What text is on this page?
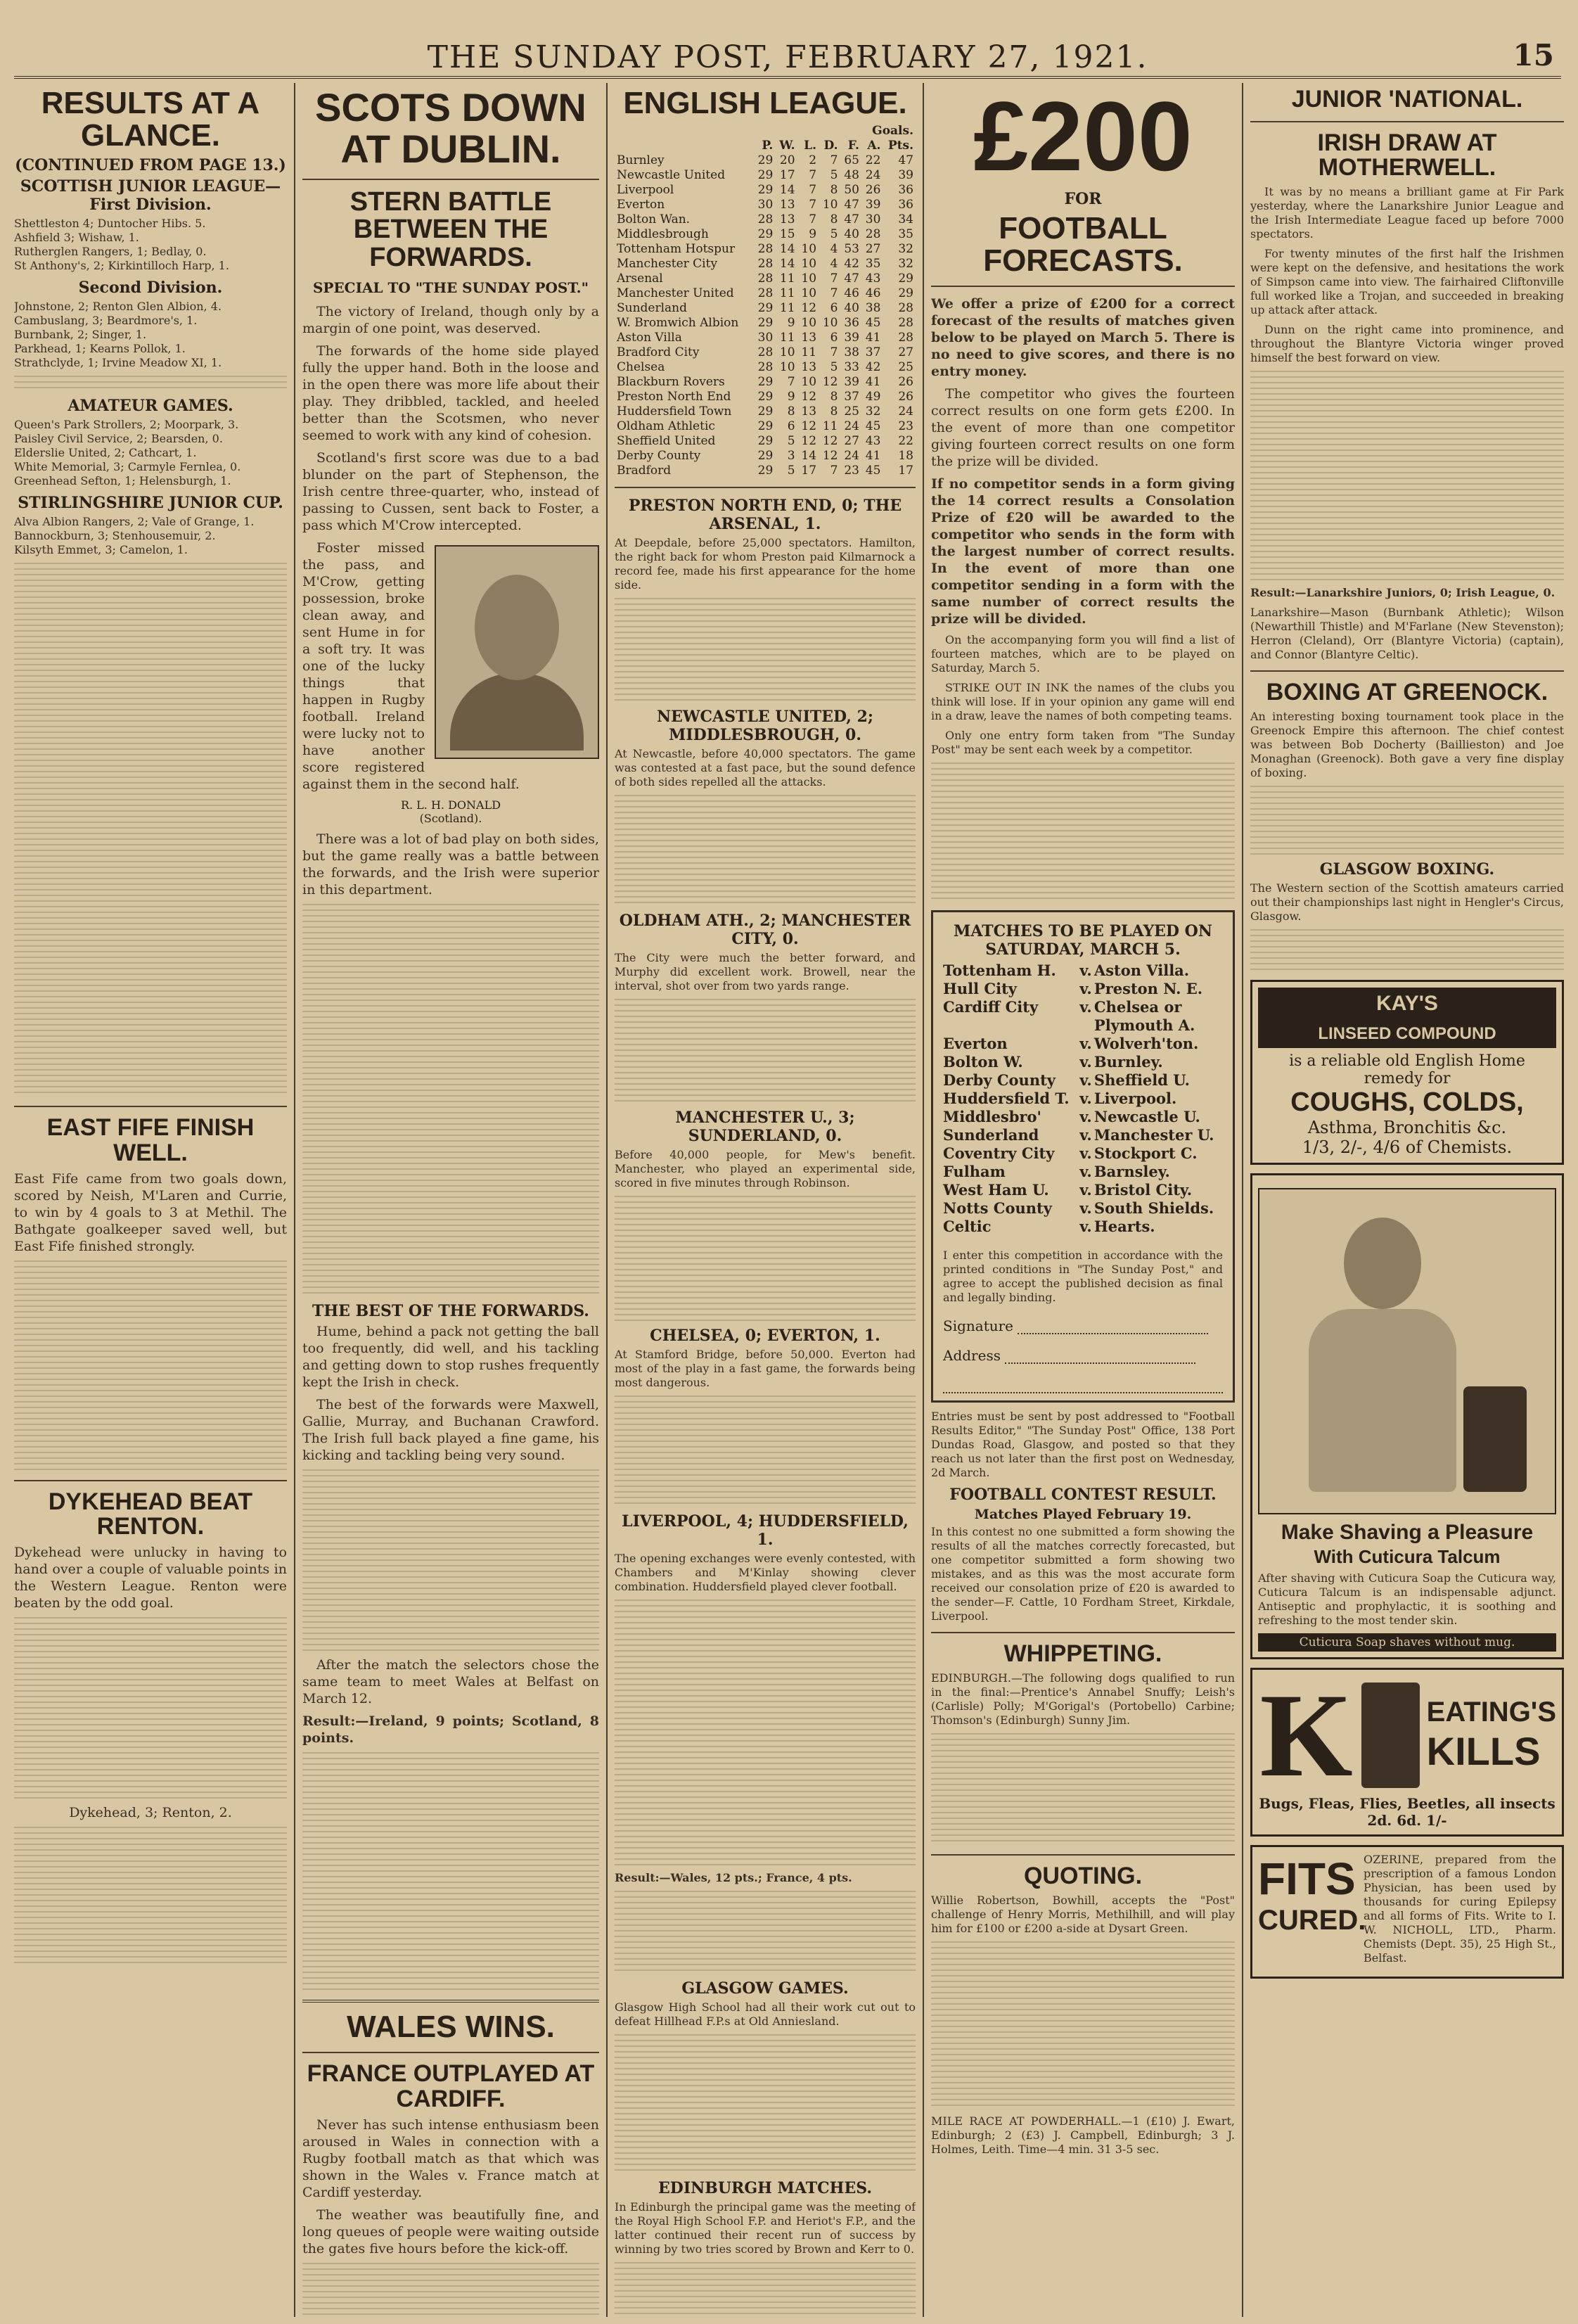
THE SUNDAY POST, FEBRUARY 27, 1921.	15
RESULTS AT A GLANCE.
(CONTINUED FROM PAGE 13.)
SCOTTISH JUNIOR LEAGUE—First Division.
Shettleston 4; Duntocher Hibs. 5.
Ashfield 3; Wishaw, 1.
Rutherglen Rangers, 1; Bedlay, 0.
St Anthony's, 2; Kirkintilloch Harp, 1.
Second Division.
Johnstone, 2; Renton Glen Albion, 4.
Cambuslang, 3; Beardmore's, 1.
Burnbank, 2; Singer, 1.
Parkhead, 1; Kearns Pollok, 1.
Strathclyde, 1; Irvine Meadow XI, 1.
AMATEUR GAMES.
Queen's Park Strollers, 2; Moorpark, 3.
Paisley Civil Service, 2; Bearsden, 0.
Elderslie United, 2; Cathcart, 1.
White Memorial, 3; Carmyle Fernlea, 0.
Greenhead Sefton, 1; Helensburgh, 1.
STIRLINGSHIRE JUNIOR CUP.
Alva Albion Rangers, 2; Vale of Grange, 1.
Bannockburn, 3; Stenhousemuir, 2.
Kilsyth Emmet, 3; Camelon, 1.
EAST FIFE FINISH WELL.
East Fife came from two goals down, scored by Neish, M'Laren and Currie, to win by 4 goals to 3 at Methil. The Bathgate goalkeeper saved well, but East Fife finished strongly.
DYKEHEAD BEAT RENTON.
Dykehead were unlucky in having to hand over a couple of valuable points in the Western League. Renton were beaten by the odd goal.
Dykehead, 3; Renton, 2.
SCOTS DOWN AT DUBLIN.
STERN BATTLE BETWEEN THE FORWARDS.
SPECIAL TO "THE SUNDAY POST."

The victory of Ireland, though only by a margin of one point, was deserved.

The forwards of the home side played fully the upper hand. Both in the loose and in the open there was more life about their play. They dribbled, tackled, and heeled better than the Scotsmen, who never seemed to work with any kind of cohesion.

Scotland's first score was due to a bad blunder on the part of Stephenson, the Irish centre three-quarter, who, instead of passing to Cussen, sent back to Foster, a pass which M'Crow intercepted.

Foster missed the pass, and M'Crow, getting possession, broke clean away, and sent Hume in for a soft try. It was one of the lucky things that happen in Rugby football. Ireland were lucky not to have another score registered against them in the second half.

R. L. H. DONALD
(Scotland).

There was a lot of bad play on both sides, but the game really was a battle between the forwards, and the Irish were superior in this department.

THE BEST OF THE FORWARDS.

Hume, behind a pack not getting the ball too frequently, did well, and his tackling and getting down to stop rushes frequently kept the Irish in check.

The best of the forwards were Maxwell, Gallie, Murray, and Buchanan Crawford. The Irish full back played a fine game, his kicking and tackling being very sound.

After the match the selectors chose the same team to meet Wales at Belfast on March 12.

Result:—Ireland, 9 points; Scotland, 8 points.
WALES WINS.
FRANCE OUTPLAYED AT CARDIFF.

Never has such intense enthusiasm been aroused in Wales in connection with a Rugby football match as that which was shown in the Wales v. France match at Cardiff yesterday.

The weather was beautifully fine, and long queues of people were waiting outside the gates five hours before the kick-off.

ENGLISH LEAGUE.
	Goals.						
	P.	W.	L.	D.	F.	A.	Pts.
Burnley	29	20	2	7	65	22	47
Newcastle United	29	17	7	5	48	24	39
Liverpool	29	14	7	8	50	26	36
Everton	30	13	7	10	47	39	36
Bolton Wan.	28	13	7	8	47	30	34
Middlesbrough	29	15	9	5	40	28	35
Tottenham Hotspur	28	14	10	4	53	27	32
Manchester City	28	14	10	4	42	35	32
Arsenal	28	11	10	7	47	43	29
Manchester United	28	11	10	7	46	46	29
Sunderland	29	11	12	6	40	38	28
W. Bromwich Albion	29	9	10	10	36	45	28
Aston Villa	30	11	13	6	39	41	28
Bradford City	28	10	11	7	38	37	27
Chelsea	28	10	13	5	33	42	25
Blackburn Rovers	29	7	10	12	39	41	26
Preston North End	29	9	12	8	37	49	26
Huddersfield Town	29	8	13	8	25	32	24
Oldham Athletic	29	6	12	11	24	45	23
Sheffield United	29	5	12	12	27	43	22
Derby County	29	3	14	12	24	41	18
Bradford	29	5	17	7	23	45	17
PRESTON NORTH END, 0; THE ARSENAL, 1.
At Deepdale, before 25,000 spectators. Hamilton, the right back for whom Preston paid Kilmarnock a record fee, made his first appearance for the home side.
NEWCASTLE UNITED, 2; MIDDLESBROUGH, 0.
At Newcastle, before 40,000 spectators. The game was contested at a fast pace, but the sound defence of both sides repelled all the attacks.
OLDHAM ATH., 2; MANCHESTER CITY, 0.
The City were much the better forward, and Murphy did excellent work. Browell, near the interval, shot over from two yards range.
MANCHESTER U., 3; SUNDERLAND, 0.
Before 40,000 people, for Mew's benefit. Manchester, who played an experimental side, scored in five minutes through Robinson.
CHELSEA, 0; EVERTON, 1.
At Stamford Bridge, before 50,000. Everton had most of the play in a fast game, the forwards being most dangerous.
LIVERPOOL, 4; HUDDERSFIELD, 1.
The opening exchanges were evenly contested, with Chambers and M'Kinlay showing clever combination. Huddersfield played clever football.
Result:—Wales, 12 pts.; France, 4 pts.
GLASGOW GAMES.
Glasgow High School had all their work cut out to defeat Hillhead F.P.s at Old Anniesland.
EDINBURGH MATCHES.
In Edinburgh the principal game was the meeting of the Royal High School F.P. and Heriot's F.P., and the latter continued their recent run of success by winning by two tries scored by Brown and Kerr to 0.
£200
FOR
FOOTBALL FORECASTS.
We offer a prize of £200 for a correct forecast of the results of matches given below to be played on March 5. There is no need to give scores, and there is no entry money.

The competitor who gives the fourteen correct results on one form gets £200. In the event of more than one competitor giving fourteen correct results on one form the prize will be divided.

If no competitor sends in a form giving the 14 correct results a Consolation Prize of £20 will be awarded to the competitor who sends in the form with the largest number of correct results. In the event of more than one competitor sending in a form with the same number of correct results the prize will be divided.

On the accompanying form you will find a list of fourteen matches, which are to be played on Saturday, March 5.

STRIKE OUT IN INK the names of the clubs you think will lose. If in your opinion any game will end in a draw, leave the names of both competing teams.

Only one entry form taken from "The Sunday Post" may be sent each week by a competitor.

MATCHES TO BE PLAYED ON SATURDAY, MARCH 5.
Tottenham H.	v. Aston Villa.
Hull City	v. Preston N. E.
Cardiff City	v. Chelsea or Plymouth A.
Everton	v. Wolverh'ton.
Bolton W.	v. Burnley.
Derby County	v. Sheffield U.
Huddersfield T. v. Liverpool.
Middlesbro'	v. Newcastle U.
Sunderland	v. Manchester U.
Coventry City	v. Stockport C.
Fulham	v. Barnsley.
West Ham U.	v. Bristol City.
Notts County	v. South Shields.
Celtic	v. Hearts.
I enter this competition in accordance with the printed conditions in "The Sunday Post," and agree to accept the published decision as final and legally binding.
Signature
Address
Entries must be sent by post addressed to "Football Results Editor," "The Sunday Post" Office, 138 Port Dundas Road, Glasgow, and posted so that they reach us not later than the first post on Wednesday, 2d March.
FOOTBALL CONTEST RESULT.
Matches Played February 19.
In this contest no one submitted a form showing the results of all the matches correctly forecasted, but one competitor submitted a form showing two mistakes, and as this was the most accurate form received our consolation prize of £20 is awarded to the sender—F. Cattle, 10 Fordham Street, Kirkdale, Liverpool.
WHIPPETING.
EDINBURGH.—The following dogs qualified to run in the final:—Prentice's Annabel Snuffy; Leish's (Carlisle) Polly; M'Gorigal's (Portobello) Carbine; Thomson's (Edinburgh) Sunny Jim.
QUOTING.
Willie Robertson, Bowhill, accepts the "Post" challenge of Henry Morris, Methilhill, and will play him for £100 or £200 a-side at Dysart Green.
MILE RACE AT POWDERHALL.—1 (£10) J. Ewart, Edinburgh; 2 (£3) J. Campbell, Edinburgh; 3 J. Holmes, Leith. Time—4 min. 31 3-5 sec.
JUNIOR 'NATIONAL.
IRISH DRAW AT MOTHERWELL.

It was by no means a brilliant game at Fir Park yesterday, where the Lanarkshire Junior League and the Irish Intermediate League faced up before 7000 spectators.

For twenty minutes of the first half the Irishmen were kept on the defensive, and hesitations the work of Simpson came into view. The fairhaired Cliftonville full worked like a Trojan, and succeeded in breaking up attack after attack.

Dunn on the right came into prominence, and throughout the Blantyre Victoria winger proved himself the best forward on view.

Result:—Lanarkshire Juniors, 0; Irish League, 0.
Lanarkshire—Mason (Burnbank Athletic); Wilson (Newarthill Thistle) and M'Farlane (New Stevenston); Herron (Cleland), Orr (Blantyre Victoria) (captain), and Connor (Blantyre Celtic).
BOXING AT GREENOCK.
An interesting boxing tournament took place in the Greenock Empire this afternoon. The chief contest was between Bob Docherty (Baillieston) and Joe Monaghan (Greenock). Both gave a very fine display of boxing.
GLASGOW BOXING.
The Western section of the Scottish amateurs carried out their championships last night in Hengler's Circus, Glasgow.
KAY'S
LINSEED COMPOUND
is a reliable old English Home remedy for
COUGHS, COLDS,
Asthma, Bronchitis &c.
1/3, 2/-, 4/6 of Chemists.
Make Shaving a Pleasure
With Cuticura Talcum
After shaving with Cuticura Soap the Cuticura way, Cuticura Talcum is an indispensable adjunct. Antiseptic and prophylactic, it is soothing and refreshing to the most tender skin.
Cuticura Soap shaves without mug.
K	EATING'S
KILLS
Bugs, Fleas, Flies, Beetles, all insects
2d. 6d. 1/-
FITS
CURED.
OZERINE, prepared from the prescription of a famous London Physician, has been used by thousands for curing Epilepsy and all forms of Fits. Write to I. W. NICHOLL, LTD., Pharm. Chemists (Dept. 35), 25 High St., Belfast.
